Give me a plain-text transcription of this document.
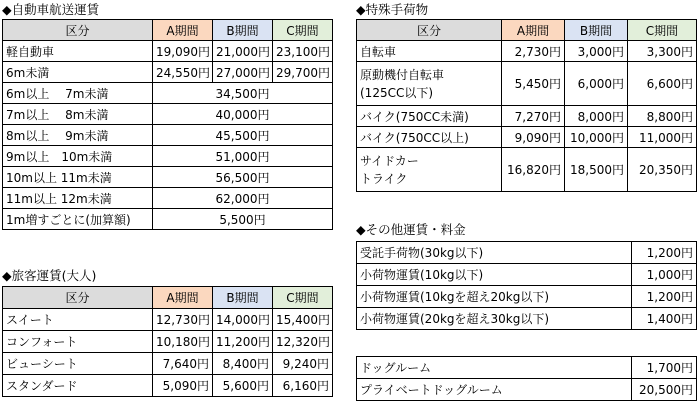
◆自動車航送運賃
区分	A期間	B期間	C期間
軽自動車	19,090円	21,000円	23,100円
6m未満	24,550円	27,000円	29,700円
6m以上　 7m未満	34,500円		
7m以上　 8m未満	40,000円		
8m以上　 9m未満	45,500円		
9m以上　10m未満	51,000円		
10m以上 11m未満	56,500円		
11m以上 12m未満	62,000円		
1m増すごとに(加算額)	5,500円		
◆旅客運賃(大人)
区分	A期間	B期間	C期間
スイート	12,730円	14,000円	15,400円
コンフォート	10,180円	11,200円	12,320円
ビューシート	7,640円	8,400円	9,240円
スタンダード	5,090円	5,600円	6,160円
◆特殊手荷物
区分	A期間	B期間	C期間
自転車	2,730円	3,000円	3,300円

原動機付自転車
(125CC以下)	5,450円	6,000円	6,600円
バイク(750CC未満)	7,270円	8,000円	8,800円
バイク(750CC以上)	9,090円	10,000円	11,000円

サイドカー
トライク	16,820円	18,500円	20,350円
◆その他運賃・料金
受託手荷物(30kg以下)	1,200円
小荷物運賃(10kg以下)	1,000円
小荷物運賃(10kgを超え20kg以下)	1,200円
小荷物運賃(20kgを超え30kg以下)	1,400円
ドッグルーム	1,700円
プライベートドッグルーム	20,500円
